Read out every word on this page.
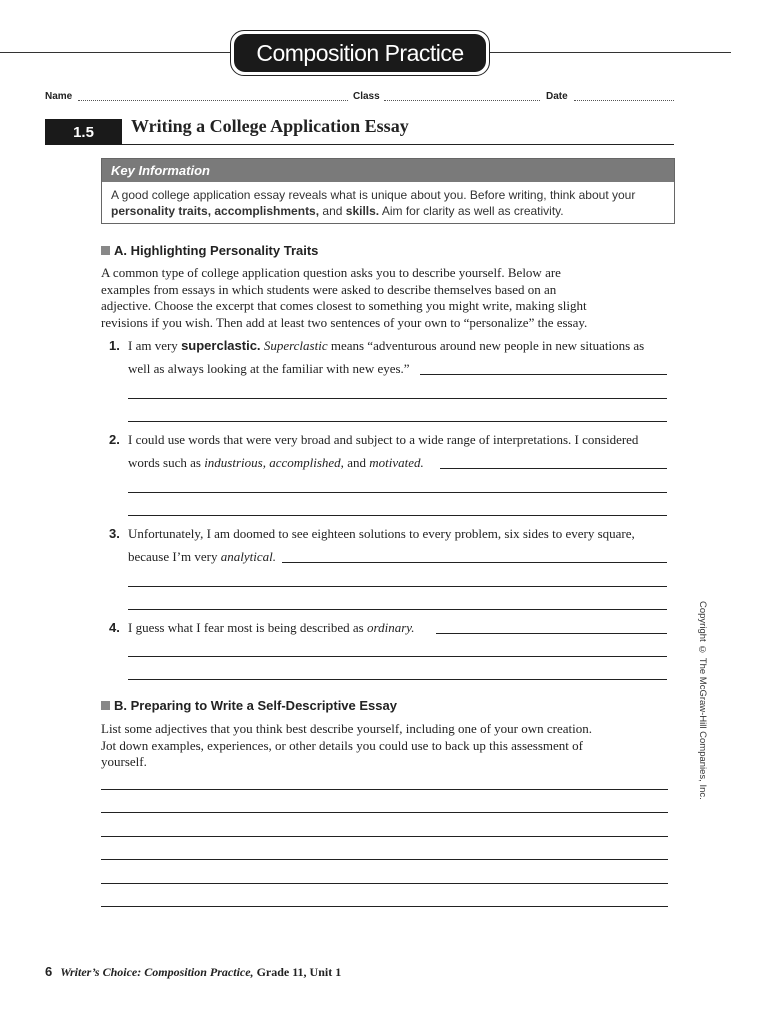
Composition Practice
Name	Class	Date
1.5	Writing a College Application Essay
Key Information
A good college application essay reveals what is unique about you. Before writing, think about your
personality traits, accomplishments, and skills. Aim for clarity as well as creativity.
A. Highlighting Personality Traits
A common type of college application question asks you to describe yourself. Below are
examples from essays in which students were asked to describe themselves based on an
adjective. Choose the excerpt that comes closest to something you might write, making slight
revisions if you wish. Then add at least two sentences of your own to “personalize” the essay.
1. I am very superclastic. Superclastic means “adventurous around new people in new situations as
well as always looking at the familiar with new eyes.”
2. I could use words that were very broad and subject to a wide range of interpretations. I considered
words such as industrious, accomplished, and motivated.
3. Unfortunately, I am doomed to see eighteen solutions to every problem, six sides to every square,
because I’m very analytical.
4. I guess what I fear most is being described as ordinary.
B. Preparing to Write a Self-Descriptive Essay
List some adjectives that you think best describe yourself, including one of your own creation.
Jot down examples, experiences, or other details you could use to back up this assessment of
yourself.	Copyright © The McGraw-Hill Companies, Inc.
6 Writer’s Choice: Composition Practice, Grade 11, Unit 1
